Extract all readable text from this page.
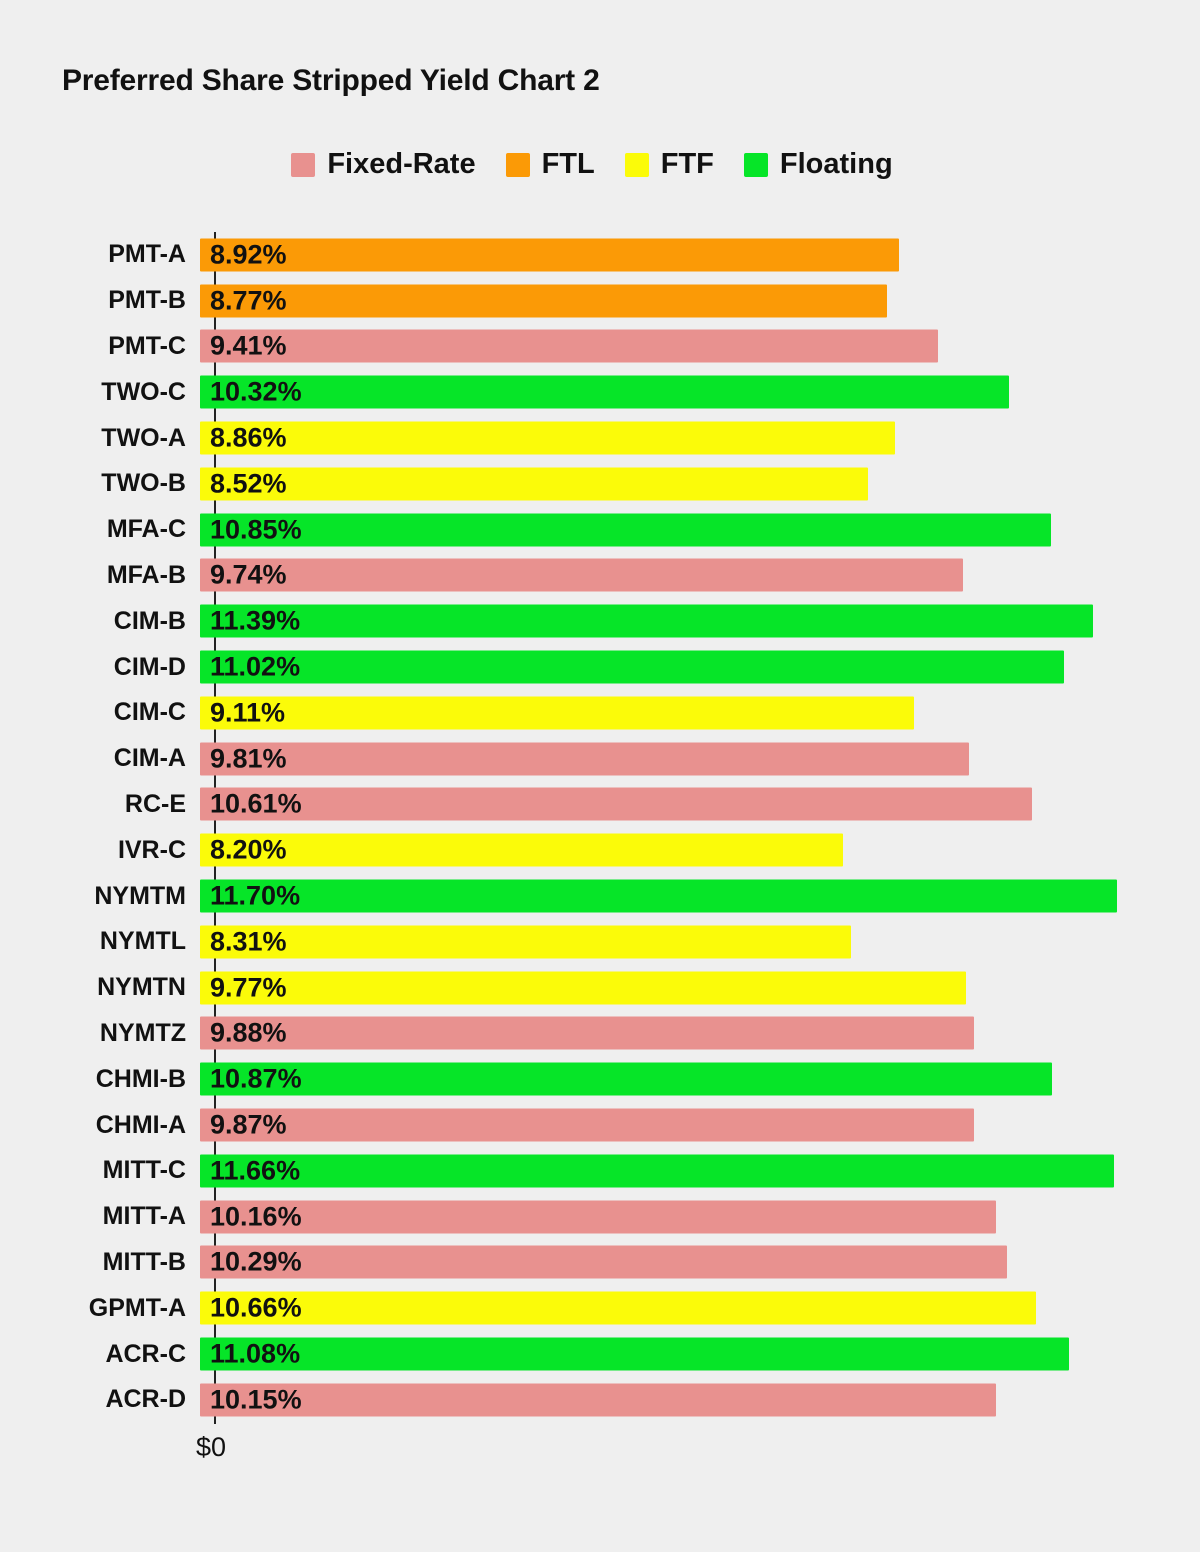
Preferred Share Stripped Yield Chart 2
Fixed-Rate FTL FTF Floating
PMT-A 8.92%
PMT-B 8.77%
PMT-C 9.41%
TWO-C 10.32%
TWO-A 8.86%
TWO-B 8.52%
MFA-C 10.85%
MFA-B 9.74%
CIM-B 11.39%
CIM-D 11.02%
CIM-C 9.11%
CIM-A 9.81%
RC-E 10.61%
IVR-C 8.20%
NYMTM 11.70%
NYMTL 8.31%
NYMTN 9.77%
NYMTZ 9.88%
CHMI-B 10.87%
CHMI-A 9.87%
MITT-C 11.66%
MITT-A 10.16%
MITT-B 10.29%
GPMT-A 10.66%
ACR-C 11.08%
ACR-D 10.15%
$0
